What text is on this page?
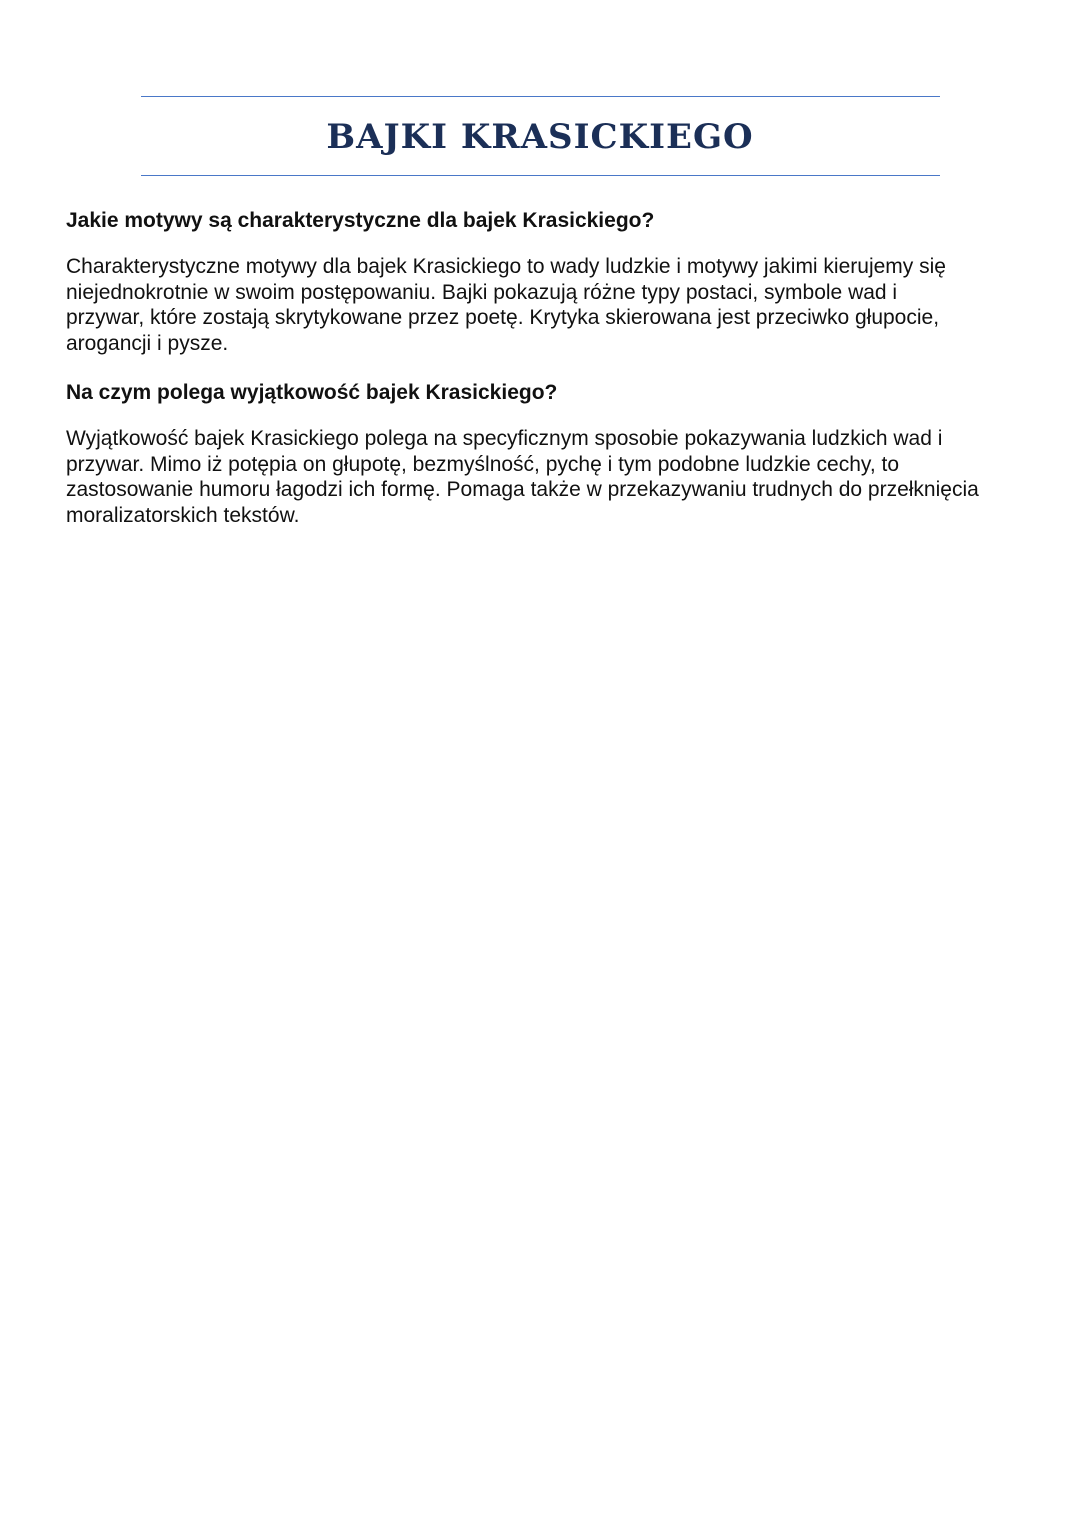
BAJKI KRASICKIEGO

Jakie motywy są charakterystyczne dla bajek Krasickiego?

Charakterystyczne motywy dla bajek Krasickiego to wady ludzkie i motywy jakimi kierujemy się
niejednokrotnie w swoim postępowaniu. Bajki pokazują różne typy postaci, symbole wad i
przywar, które zostają skrytykowane przez poetę. Krytyka skierowana jest przeciwko głupocie,
arogancji i pysze.

Na czym polega wyjątkowość bajek Krasickiego?

Wyjątkowość bajek Krasickiego polega na specyficznym sposobie pokazywania ludzkich wad i
przywar. Mimo iż potępia on głupotę, bezmyślność, pychę i tym podobne ludzkie cechy, to
zastosowanie humoru łagodzi ich formę. Pomaga także w przekazywaniu trudnych do przełknięcia
moralizatorskich tekstów.
